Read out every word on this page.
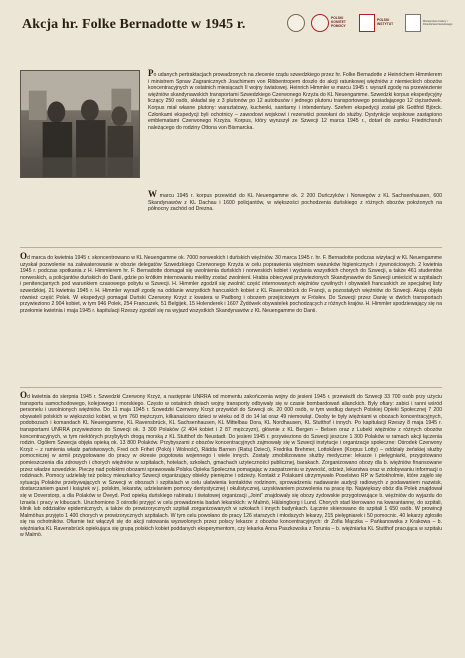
Akcja hr. Folke Bernadotte w 1945 r.	POLSKI KOMITET POMOCY
POLSKI INSTYTUT
Ministerstwo Kultury i Dziedzictwa Narodowego

Po udanych pertraktacjach prowadzonych na zlecenie rządu szwedzkiego przez hr. Folke Bernadotte z Heinrichem Himmlerem i ministrem Spraw Zagranicznych Joachimem von Ribbentropem doszło do akcji ratunkowej więźniów z niemieckich obozów koncentracyjnych w ostatnich miesiącach II wojny światowej. Heinrich Himmler w marcu 1945 r. wyraził zgodę na przewiezienie więźniów skandynawskich transportami Szwedzkiego Czerwonego Krzyża do KL Neuengamme. Szwedzki korpus ekspedycyjny liczący 250 osób, składał się z 3 plutonów po 12 autobusów i jednego plutonu transportowego posiadającego 12 ciężarówek. Korpus miał własne plutony: warsztatowy, kuchenki, sanitarny i intendentury. Szefem ekspedycji został płk Gottfrid Björck. Członkami ekspedycji byli ochotnicy – zawodowi wojskowi i rezerwiści powołani do służby. Dystynkcje wojskowe zastąpiono emblematami Czerwonego Krzyża. Korpus, który wyruszył ze Szwecji 12 marca 1945 r., dotarł do zamku Friedrichsruh należącego do rodziny Ottona von Bismarcka.

W marcu 1945 r. korpus przewiózł do KL Neuengamme ok. 2 200 Duńczyków i Norwegów z KL Sachsenhausen, 600 Skandynawów z KL Dachau i 1600 policjantów, w większości pochodzenia duńskiego z różnych obozów położonych na północny zachód od Drezna.

Od marca do kwietnia 1945 r. skoncentrowano w KL Neuengamme ok. 7000 norweskich i duńskich więźniów. 30 marca 1945 r. hr. F. Bernadotte podczas wizytacji w KL Neuengamme uzyskał pozwolenie na zakwaterowanie w obozie delegatów Szwedzkiego Czerwonego Krzyża w celu poprawienia więźniom warunków higienicznych i żywnościowych. 2 kwietnia 1945 r. podczas spotkania z H. Himmlerem hr. F. Bernadotte domagał się uwolnienia duńskich i norweskich kobiet i wydania wszystkich chorych do Szwecji, a także 461 studentów norweskich, a policjantów duńskich do Danii, gdzie po krótkim internowaniu mieliby zostać zwolnieni. Hrabia obiecywał przywiezionych Skandynawów do Szwecji umieścić w szpitalach i penitencjarnych pod warunkiem czasowego pobytu w Szwecji. H. Himmler zgodził się zwolnić część internowanych więźniów cywilnych i obywateli francuskich ze specjalnej listy szwedzkiej. 21 kwietnia 1945 r. H. Himmler wyraził zgodę na oddanie wszystkich francuskich kobiet z KL Ravensbrück do Francji, a pozostałych więźniów do Szwecji. Akcja objęła również część Polek. W ekspedycji pomagał Duński Czerwony Krzyż z kwatera w Padborg i obozem przejściowym w Frösłev. Do Szwecji przez Danię w dwóch transportach przywieziono 2 904 kobiet, w tym 946 Polek, 254 Francuzek, 51 Belgijek, 15 Holenderek i 1607 Żydówek obywatelek pochodzących z różnych krajów. H. Himmler spodziewający się na przełomie kwietnia i maja 1945 r. kapitulacji Rzeszy zgodził się na wyjazd wszystkich Skandynawów z KL Neuengamme do Danii.

Od kwietnia do sierpnia 1945 r. Szwedzki Czerwony Krzyż, a następnie UNRRA od momentu zakończenia wojny do jesieni 1945 r. przewieźli do Szwecji 33 700 osób przy użyciu transportu samochodowego, kolejowego i morskiego. Często w ostatnich dniach wojny transporty odbywały się w czasie bombardowań alianckich. Były ofiary: zabici i ranni wśród personelu i uwolnionych więźniów. Do 11 maja 1945 r. Szwedzki Czerwony Krzyż przywiózł do Szwecji ok. 20 000 osób, w tym według danych Polskiej Opieki Społecznej 7 200 obywateli polskich w większości kobiet, w tym 760 mężczyzn, kilkanaściorо dzieci w wieku od 8 do 14 lat oraz 49 niemowląt. Osoby te były więźniami w obozach koncentracyjnych, podobozach i komandach KL Neuengamme, KL Ravensbrück, KL Sachsenhausen, KL Mittelbau Dora, KL Nordhausen, KL Stutthof i innych. Po kapitulacji Rzeszy 8 maja 1945 r. transportami UNRRA przywieziono do Szwecji ok. 3 300 Polaków (2 404 kobiet i 2 87 mężczyzn), głównie z KL Bergen – Belsen oraz z Lubeki więźniów z różnych obozów koncentracyjnych, w tym niektórych przybyłych drogą morską z KL Stutthof do Neustadt. Do jesieni 1945 r. przywieziono do Szwecji jeszcze 1 300 Polaków w ramach akcji łączenia rodzin. Ogółem Szwecja objęła opieką ok. 13 800 Polaków. Przybyszami z obozów koncentracyjnych zajmowały się w Szwecji instytucje i organizacje społeczne: Ośrodek Czerwony Krzyż – z ramienia władz państwowych, Fred och Frihet (Pokój i Wolność), Rädda Barnen (Ratuj Dzieci), Fredrika Brehmer, Lottokåren (Korpus Lotty) – oddziały żeńskiej służby pomocniczej w armii przygotowane do pracy w okresie pogotowia wojennego i wiele innych. Zostały zmobilizowane służby medyczne: lekarze i pielęgniarki, przygotowano pomieszczenia dla zdrowych i chorych więźniów w szpitalach, hotelach, szkołach, gmachach użyteczności publicznej, barakach. Zorganizowano obozy dla b. więźniów finansowane przez władze szwedzkie. Pieczę nad polskimi obozami sprawowała Polska Opieka Społeczna pomagając w zaopatrzeniu w żywność, odzież, lekarstwa oraz w zdobywaniu informacji o rodzinach. Pomocy udzielały też polscy mieszkańcy Szwecji organizujący obiekty pieniężne i odzieży. Kontakt z Polakami utrzymywało Poselstwo RP w Sztokholmie, które zajęło się sytuacją Polaków przebywających w Szwecji w obozach i szpitalach w celu ułatwienia kontaktów rodzinom, sprowadzeniu nadawanie audycji radiowych z podawaniem nazwisk, dostarczaniem gazet i książek w j. polskim, lekarstw, udzielaniem pomocy dentystycznej i okulistycznej, uzyskiwaniem pozwolenia na pracę itp. Największy obóz dla Polek znajdował się w Doverstorp, a dla Polaków w Öveyd. Pod opieką duńskiego rabinatu i światowej organizacji „Joint” znajdowały się obozy żydowskie przygotowujące b. więźniów do wyjazdu do Izraela i pracy w kibucach. Uruchomiono 3 ośrodki przyjęć w celu prowadzenia badań lekarskich: w Malmö, Hälsingborg i Lund. Chorych stad kierowano na kwarantannę, do szpitali, klinik lub oddziałów epidemicznych, a także do prowizorycznych szpitali zorganizowanych w szkołach i innych budynkach. Łącznie skierowano do szpitali 1 650 osób. W prowincji Malmöhus przyjęto 1 400 chorych w prowizorycznych szpitalach. W tym celu powołano do pracy 126 starszych i młodszych lekarzy, 215 pielęgniarek i 50 pomocnic. 40 lekarzy zgłosiło się na ochotników. Ofiarnie też włączyli się do akcji ratowania wyzwolonych przez polscy lekarze z obozów koncentracyjnych: dr Zofia Mączka – Pańkanowska z Krakowa – b. więźniarka KL Ravensbrück opiekująca się grupą polskich kobiet poddanych eksperymentom, czy lekarka Anna Paszkowska z Torunia – b. więźniarka KL Stutthof pracująca w szpitalu w Malmö.
